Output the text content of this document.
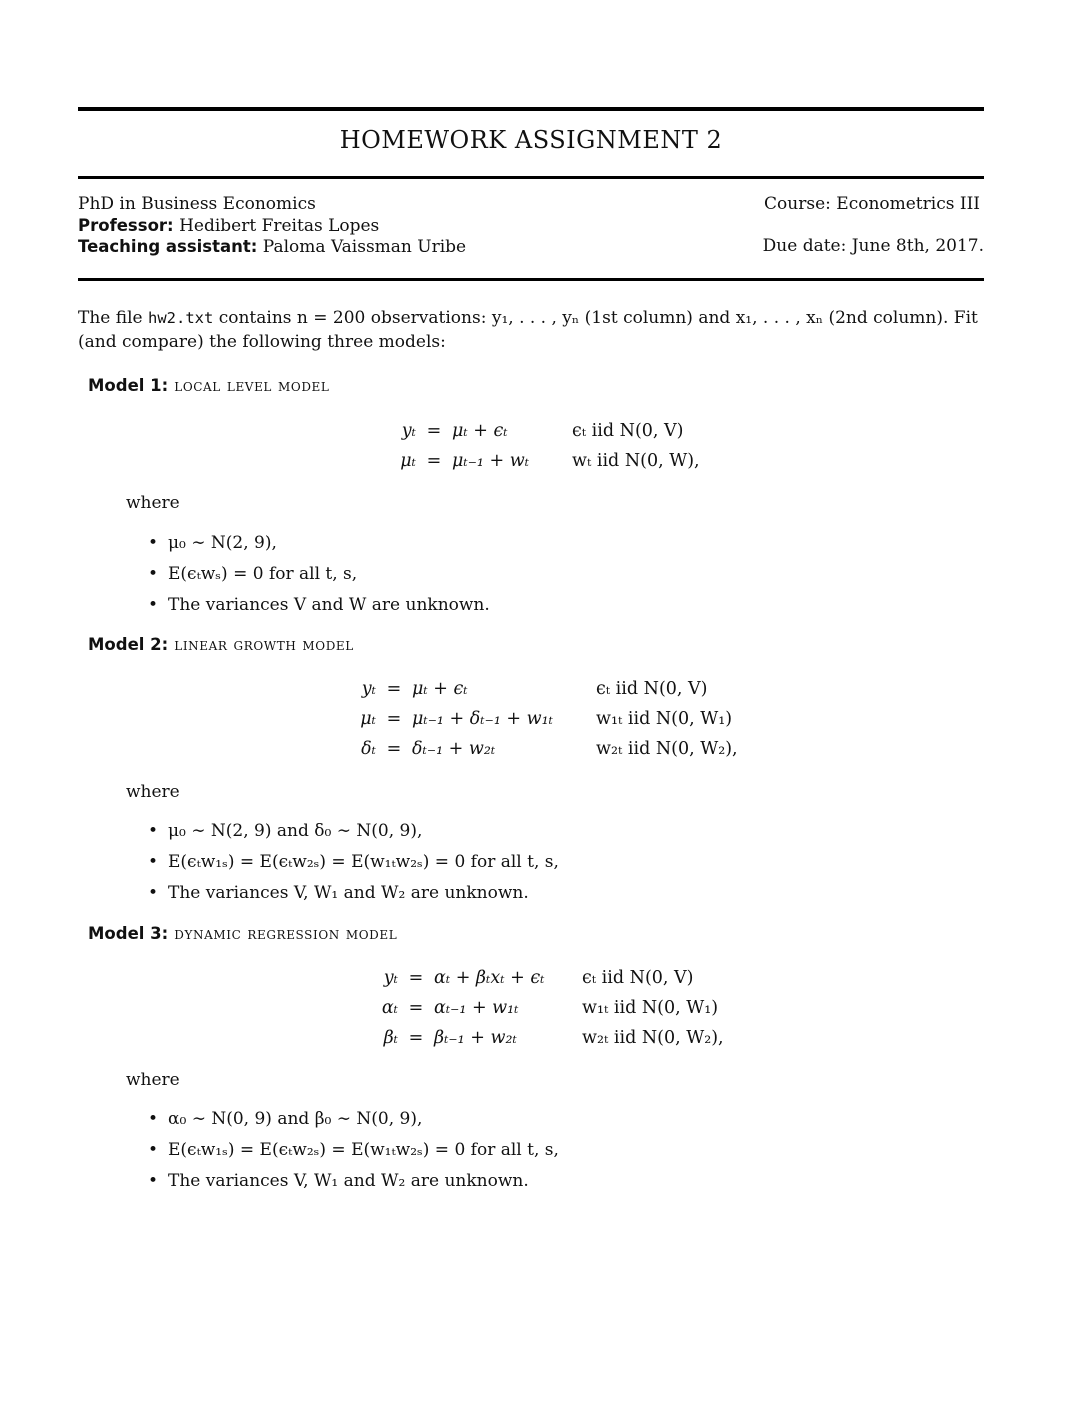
HOMEWORK ASSIGNMENT 2
PhD in Business Economics	Course: Econometrics III
Professor: Hedibert Freitas Lopes
Teaching assistant: Paloma Vaissman Uribe	Due date: June 8th, 2017.
The file hw2.txt contains n = 200 observations: y₁, . . . , yₙ (1st column) and x₁, . . . , xₙ (2nd column). Fit (and compare) the following three models:
Model 1: local level model
yₜ	=	μₜ + ϵₜ	ϵₜ iid N(0, V)
μₜ	=	μₜ₋₁ + wₜ	wₜ iid N(0, W),
where
• μ₀ ∼ N(2, 9),
• E(ϵₜwₛ) = 0 for all t, s,
• The variances V and W are unknown.
Model 2: linear growth model
yₜ	=	μₜ + ϵₜ	ϵₜ iid N(0, V)
μₜ	=	μₜ₋₁ + δₜ₋₁ + w₁ₜ	w₁ₜ iid N(0, W₁)
δₜ	=	δₜ₋₁ + w₂ₜ	w₂ₜ iid N(0, W₂),
where
• μ₀ ∼ N(2, 9) and δ₀ ∼ N(0, 9),
• E(ϵₜw₁ₛ) = E(ϵₜw₂ₛ) = E(w₁ₜw₂ₛ) = 0 for all t, s,
• The variances V, W₁ and W₂ are unknown.
Model 3: dynamic regression model
yₜ	=	αₜ + βₜxₜ + ϵₜ	ϵₜ iid N(0, V)
αₜ	=	αₜ₋₁ + w₁ₜ	w₁ₜ iid N(0, W₁)
βₜ	=	βₜ₋₁ + w₂ₜ	w₂ₜ iid N(0, W₂),
where
• α₀ ∼ N(0, 9) and β₀ ∼ N(0, 9),
• E(ϵₜw₁ₛ) = E(ϵₜw₂ₛ) = E(w₁ₜw₂ₛ) = 0 for all t, s,
• The variances V, W₁ and W₂ are unknown.
